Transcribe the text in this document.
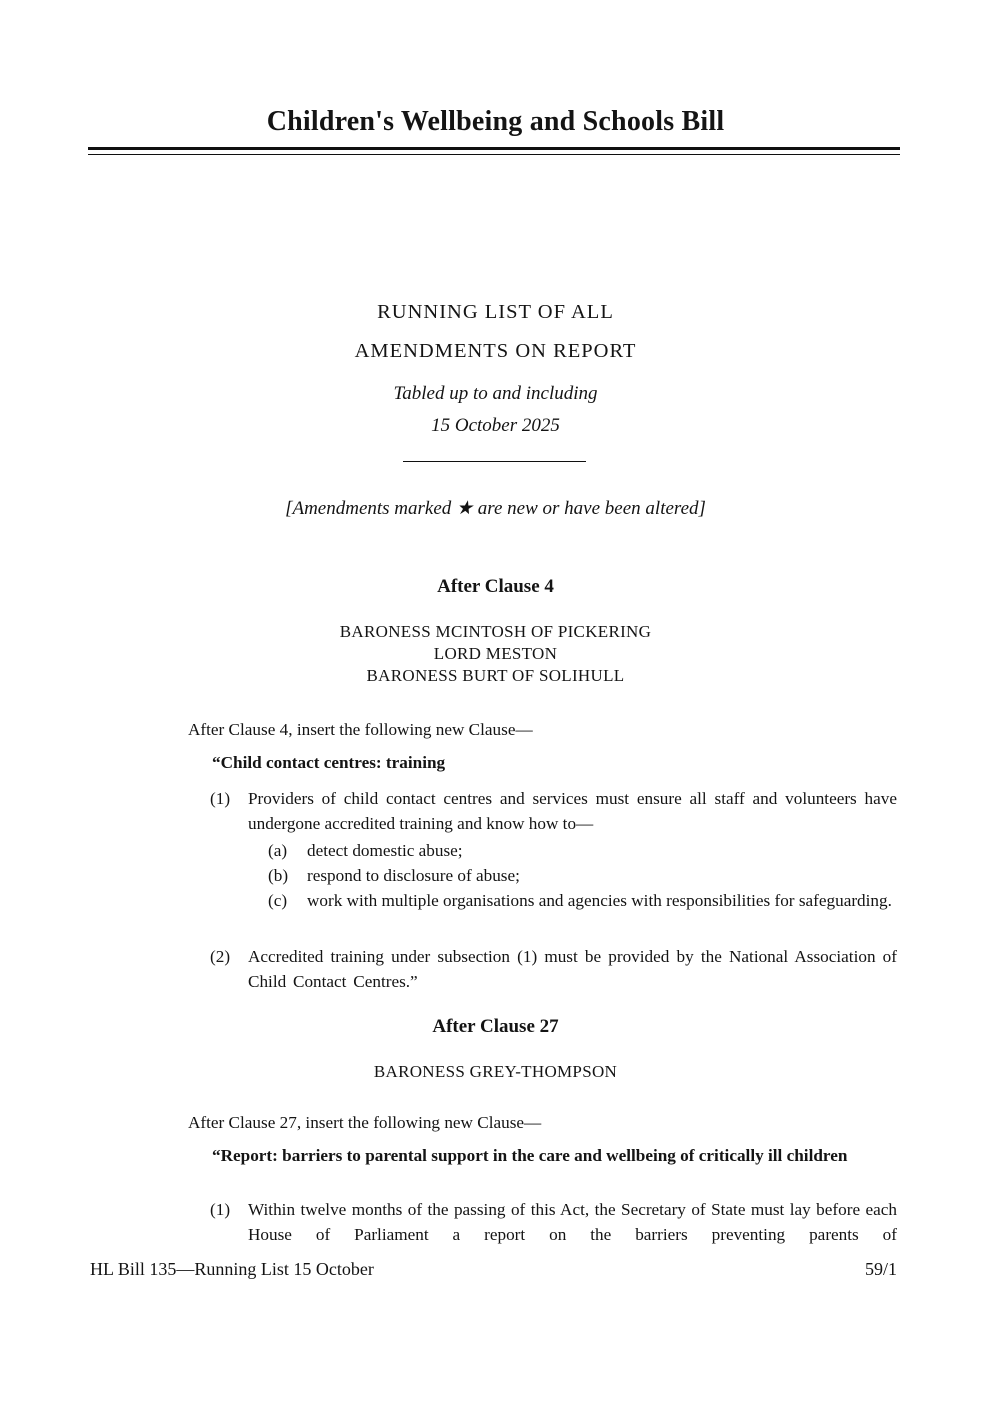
Children's Wellbeing and Schools Bill
RUNNING LIST OF ALL
AMENDMENTS ON REPORT
Tabled up to and including
15 October 2025
[Amendments marked ★ are new or have been altered]
After Clause 4
BARONESS MCINTOSH OF PICKERING
LORD MESTON
BARONESS BURT OF SOLIHULL
After Clause 4, insert the following new Clause—
“Child contact centres: training
(1)	Providers of child contact centres and services must ensure all staff and volunteers have undergone accredited training and know how to—
(a)	detect domestic abuse;
(b)	respond to disclosure of abuse;
(c)	work with multiple organisations and agencies with responsibilities for safeguarding.
(2)	Accredited training under subsection (1) must be provided by the National Association of Child Contact Centres.”
After Clause 27
BARONESS GREY-THOMPSON
After Clause 27, insert the following new Clause—
“Report: barriers to parental support in the care and wellbeing of critically ill children
(1)	Within twelve months of the passing of this Act, the Secretary of State must lay before each House of Parliament a report on the barriers preventing parents of
HL Bill 135—Running List 15 October	59/1
